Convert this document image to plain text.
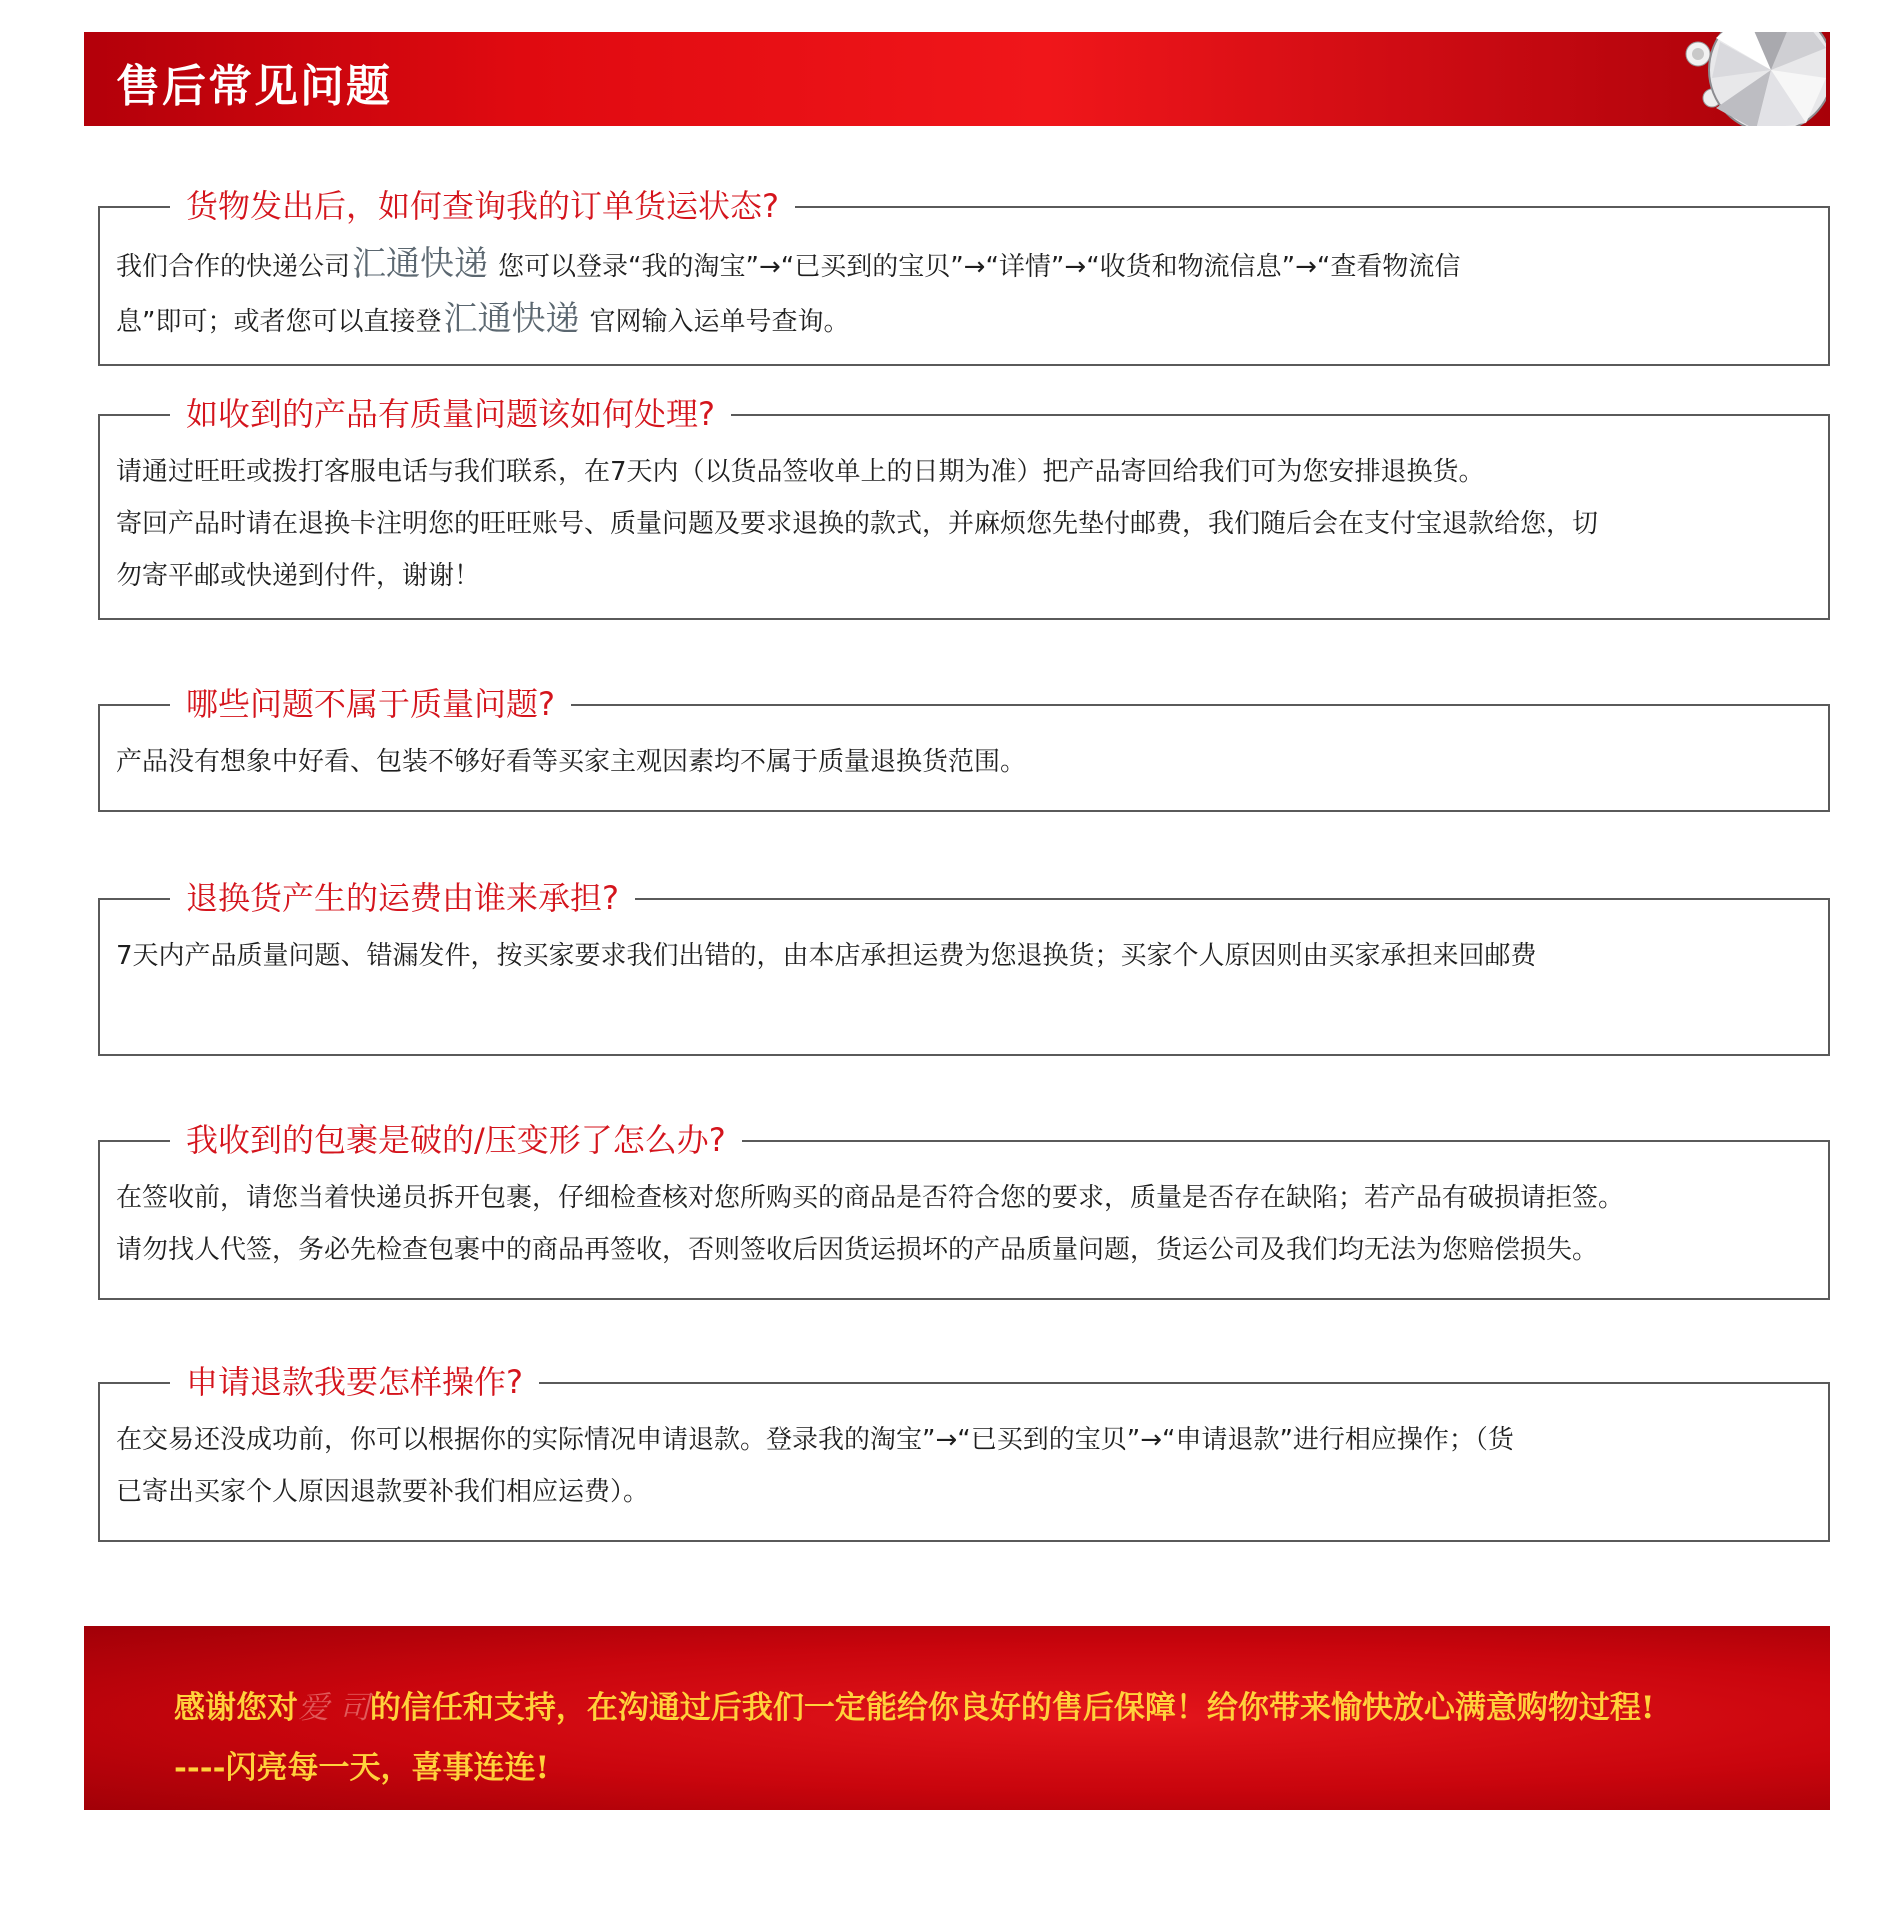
售后常见问题
货物发出后，如何查询我的订单货运状态?

我们合作的快递公司汇通快递 您可以登录“我的淘宝”→“已买到的宝贝”→“详情”→“收货和物流信息”→“查看物流信

息”即可；或者您可以直接登汇通快递 官网输入运单号查询。

如收到的产品有质量问题该如何处理?

请通过旺旺或拨打客服电话与我们联系，在7天内（以货品签收单上的日期为准）把产品寄回给我们可为您安排退换货。

寄回产品时请在退换卡注明您的旺旺账号、质量问题及要求退换的款式，并麻烦您先垫付邮费，我们随后会在支付宝退款给您，切

勿寄平邮或快递到付件，谢谢！

哪些问题不属于质量问题?

产品没有想象中好看、包装不够好看等买家主观因素均不属于质量退换货范围。

退换货产生的运费由谁来承担?

7天内产品质量问题、错漏发件，按买家要求我们出错的，由本店承担运费为您退换货；买家个人原因则由买家承担来回邮费

我收到的包裹是破的/压变形了怎么办?

在签收前，请您当着快递员拆开包裹，仔细检查核对您所购买的商品是否符合您的要求，质量是否存在缺陷；若产品有破损请拒签。

请勿找人代签，务必先检查包裹中的商品再签收，否则签收后因货运损坏的产品质量问题，货运公司及我们均无法为您赔偿损失。

申请退款我要怎样操作?

在交易还没成功前，你可以根据你的实际情况申请退款。登录我的淘宝”→“已买到的宝贝”→“申请退款”进行相应操作；（货

已寄出买家个人原因退款要补我们相应运费）。

感谢您对爱 司的信任和支持，在沟通过后我们一定能给你良好的售后保障！给你带来愉快放心满意购物过程!
----闪亮每一天，喜事连连!
